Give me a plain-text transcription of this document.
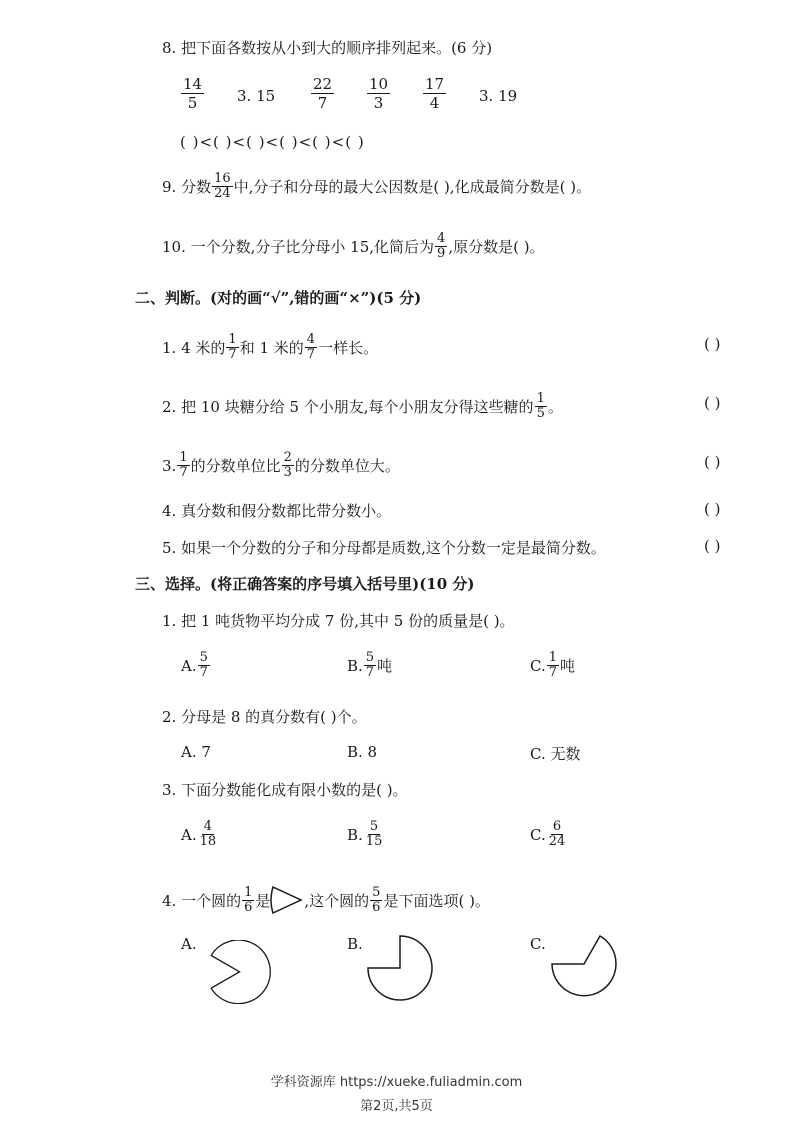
8. 把下面各数按从小到大的顺序排列起来。(6 分)
$\frac{14}{5} 3$. $15 \frac{22}{7} \frac{10}{3} \frac{17}{4} 3$. 19
( )<( )<( )<( )<( )<( )
9. 分数 $\frac{16}{24}$ 中,分子和分母的最大公因数是( ),化成最简分数是( )。
10. 一个分数,分子比分母小 15,化简后为 $\frac{4}{9}$ ,原分数是( )。
二、判断。(对的画“√”,错的画“×”)(5 分)
1. 4 米的 $\frac{1}{7}$ 和 1 米的 $\frac{4}{7}$ 一样长。	( )
2. 把 10 块糖分给 5 个小朋友,每个小朋友分得这些糖的 $\frac{1}{5}$ 。	( )
3. $\frac{1}{7}$ 的分数单位比 $\frac{2}{3}$ 的分数单位大。	( )
4. 真分数和假分数都比带分数小。	( )
5. 如果一个分数的分子和分母都是质数,这个分数一定是最简分数。	( )
三、选择。(将正确答案的序号填入括号里)(10 分)
1. 把 1 吨货物平均分成 7 份,其中 5 份的质量是( )。
A. $\frac{5}{7}$	B. $\frac{5}{7}$ 吨	C. $\frac{1}{7}$ 吨
2. 分母是 8 的真分数有( )个。
A. 7	B. 8	C. 无数
3. 下面分数能化成有限小数的是( )。
A. $\frac{4}{18}$	B. $\frac{5}{15}$	C. $\frac{6}{24}$
4. 一个圆的 $\frac{1}{6}$ 是 ,这个圆的 $\frac{5}{6}$ 是下面选项( )。
A.	B.	C.
学科资源库 https://xueke.fuliadmin.com
第2页,共5页
